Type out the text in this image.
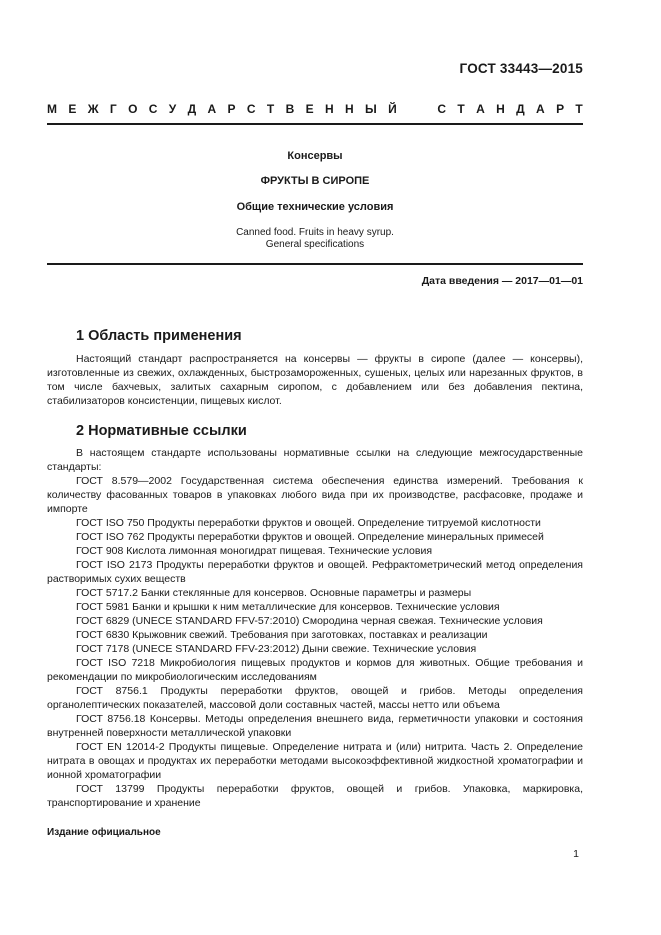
ГОСТ 33443—2015
М Е Ж Г О С У Д А Р С Т В Е Н Н Ы Й

	С Т А Н Д А Р Т
Консервы
ФРУКТЫ В СИРОПЕ
Общие технические условия
Canned food. Fruits in heavy syrup.
General specifications
Дата введения — 2017—01—01
1 Область применения

Настоящий стандарт распространяется на консервы — фрукты в сиропе (далее — консервы), изготовленные из свежих, охлажденных, быстрозамороженных, сушеных, целых или нарезанных фруктов, в том числе бахчевых, залитых сахарным сиропом, с добавлением или без добавления пектина, стабилизаторов консистенции, пищевых кислот.

2 Нормативные ссылки

В настоящем стандарте использованы нормативные ссылки на следующие межгосударственные стандарты:

ГОСТ 8.579—2002 Государственная система обеспечения единства измерений. Требования к количеству фасованных товаров в упаковках любого вида при их производстве, расфасовке, продаже и импорте

ГОСТ ISO 750 Продукты переработки фруктов и овощей. Определение титруемой кислотности

ГОСТ ISO 762 Продукты переработки фруктов и овощей. Определение минеральных примесей

ГОСТ 908 Кислота лимонная моногидрат пищевая. Технические условия

ГОСТ ISO 2173 Продукты переработки фруктов и овощей. Рефрактометрический метод определения растворимых сухих веществ

ГОСТ 5717.2 Банки стеклянные для консервов. Основные параметры и размеры

ГОСТ 5981 Банки и крышки к ним металлические для консервов. Технические условия

ГОСТ 6829 (UNECE STANDARD FFV-57:2010) Смородина черная свежая. Технические условия

ГОСТ 6830 Крыжовник свежий. Требования при заготовках, поставках и реализации

ГОСТ 7178 (UNECE STANDARD FFV-23:2012) Дыни свежие. Технические условия

ГОСТ ISO 7218 Микробиология пищевых продуктов и кормов для животных. Общие требования и рекомендации по микробиологическим исследованиям

ГОСТ 8756.1 Продукты переработки фруктов, овощей и грибов. Методы определения органолептических показателей, массовой доли составных частей, массы нетто или объема

ГОСТ 8756.18 Консервы. Методы определения внешнего вида, герметичности упаковки и состояния внутренней поверхности металлической упаковки

ГОСТ EN 12014-2 Продукты пищевые. Определение нитрата и (или) нитрита. Часть 2. Определение нитрата в овощах и продуктах их переработки методами высокоэффективной жидкостной хроматографии и ионной хроматографии

ГОСТ 13799 Продукты переработки фруктов, овощей и грибов. Упаковка, маркировка, транспортирование и хранение

Издание официальное
1
